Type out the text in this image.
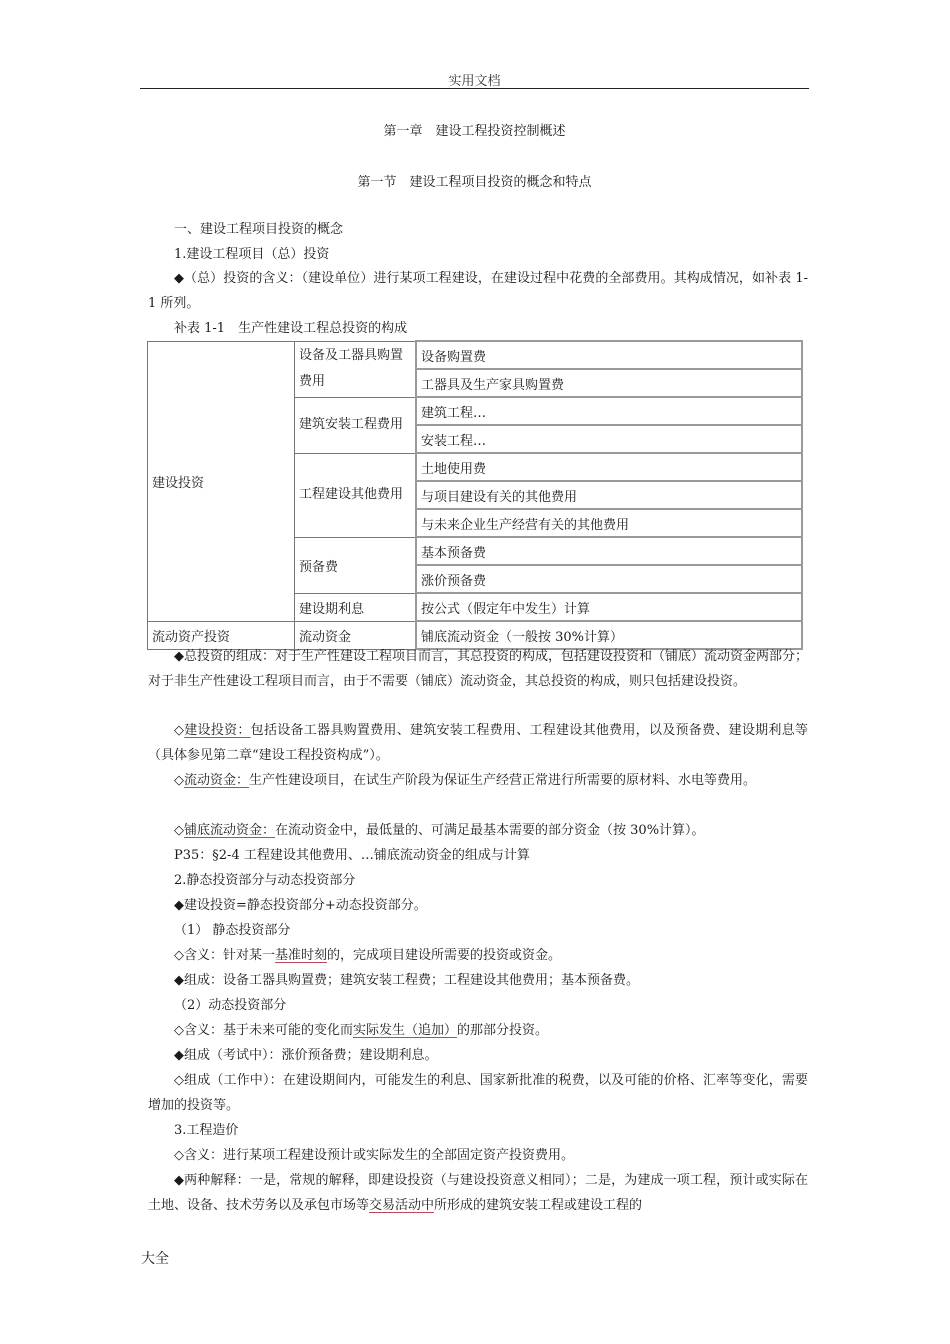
实用文档
第一章　建设工程投资控制概述
第一节　建设工程项目投资的概念和特点
一、建设工程项目投资的概念
1.建设工程项目（总）投资
◆（总）投资的含义：（建设单位）进行某项工程建设，在建设过程中花费的全部费用。其构成情况，如补表 1-1 所列。
补表 1-1　生产性建设工程总投资的构成
建设投资	设备及工器具购置费用	设备购置费
		工器具及生产家具购置费
	建筑安装工程费用	建筑工程…
		安装工程…
	工程建设其他费用	土地使用费
		与项目建设有关的其他费用
		与未来企业生产经营有关的其他费用
	预备费	基本预备费
		涨价预备费
	建设期利息	按公式（假定年中发生）计算
流动资产投资	流动资金	铺底流动资金（一般按 30%计算）
◆总投资的组成：对于生产性建设工程项目而言，其总投资的构成，包括建设投资和（铺底）流动资金两部分；对于非生产性建设工程项目而言，由于不需要（铺底）流动资金，其总投资的构成，则只包括建设投资。
◇建设投资：包括设备工器具购置费用、建筑安装工程费用、工程建设其他费用，以及预备费、建设期利息等（具体参见第二章“建设工程投资构成”）。
◇流动资金：生产性建设项目，在试生产阶段为保证生产经营正常进行所需要的原材料、水电等费用。
◇铺底流动资金：在流动资金中，最低量的、可满足最基本需要的部分资金（按 30%计算）。
P35：§2-4 工程建设其他费用、…铺底流动资金的组成与计算
2.静态投资部分与动态投资部分
◆建设投资=静态投资部分+动态投资部分。
（1） 静态投资部分
◇含义：针对某一基准时刻的，完成项目建设所需要的投资或资金。
◆组成：设备工器具购置费；建筑安装工程费；工程建设其他费用；基本预备费。
（2）动态投资部分
◇含义：基于未来可能的变化而实际发生（追加）的那部分投资。
◆组成（考试中）：涨价预备费；建设期利息。
◇组成（工作中）：在建设期间内，可能发生的利息、国家新批准的税费，以及可能的价格、汇率等变化，需要增加的投资等。
3.工程造价
◇含义：进行某项工程建设预计或实际发生的全部固定资产投资费用。
◆两种解释：一是，常规的解释，即建设投资（与建设投资意义相同）；二是，为建成一项工程，预计或实际在土地、设备、技术劳务以及承包市场等交易活动中所形成的建筑安装工程或建设工程的
大全
